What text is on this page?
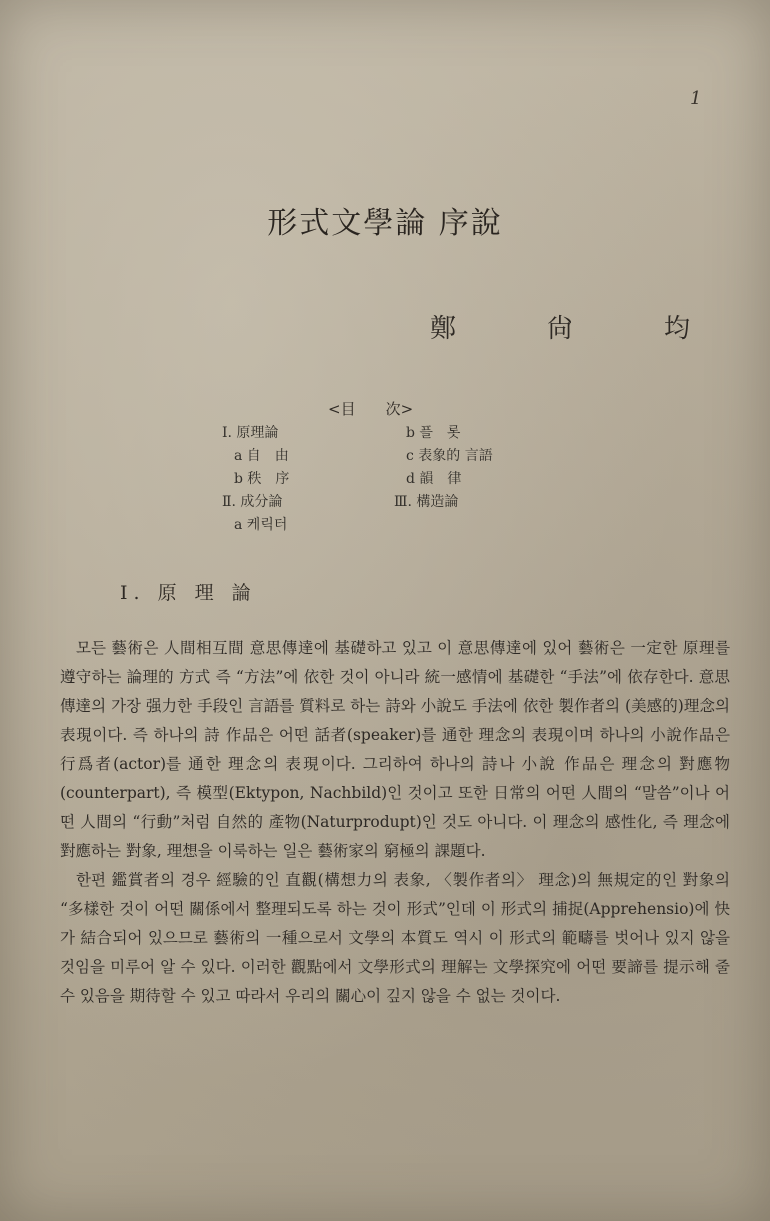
1
形式文學論 序說
鄭	尙	均
<目　　次>
Ⅰ. 原理論
a 自　由
b 秩　序
Ⅱ. 成分論
a 케릭터
b 플　롯
c 表象的 言語
d 韻　律
Ⅲ. 構造論
Ⅰ. 原 理 論

모든 藝術은 人間相互間 意思傳達에 基礎하고 있고 이 意思傳達에 있어 藝術은 一定한 原理를 遵守하는 論理的 方式 즉 “方法”에 依한 것이 아니라 統一感情에 基礎한 “手法”에 依存한다. 意思傳達의 가장 强力한 手段인 言語를 質料로 하는 詩와 小說도 手法에 依한 製作者의 (美感的)理念의 表現이다. 즉 하나의 詩 作品은 어떤 話者(speaker)를 通한 理念의 表現이며 하나의 小說作品은 行爲者(actor)를 通한 理念의 表現이다. 그리하여 하나의 詩나 小說 作品은 理念의 對應物(counterpart), 즉 模型(Ektypon, Nachbild)인 것이고 또한 日常의 어떤 人間의 “말씀”이나 어떤 人間의 “行動”처럼 自然的 產物(Naturprodupt)인 것도 아니다. 이 理念의 感性化, 즉 理念에 對應하는 對象, 理想을 이룩하는 일은 藝術家의 窮極의 課題다.

한편 鑑賞者의 경우 經驗的인 直觀(構想力의 表象, 〈製作者의〉 理念)의 無規定的인 對象의 “多樣한 것이 어떤 關係에서 整理되도록 하는 것이 形式”인데 이 形式의 捕捉(Apprehensio)에 快가 結合되어 있으므로 藝術의 一種으로서 文學의 本質도 역시 이 形式의 範疇를 벗어나 있지 않을 것임을 미루어 알 수 있다. 이러한 觀點에서 文學形式의 理解는 文學探究에 어떤 要諦를 提示해 줄 수 있음을 期待할 수 있고 따라서 우리의 關心이 깊지 않을 수 없는 것이다.
